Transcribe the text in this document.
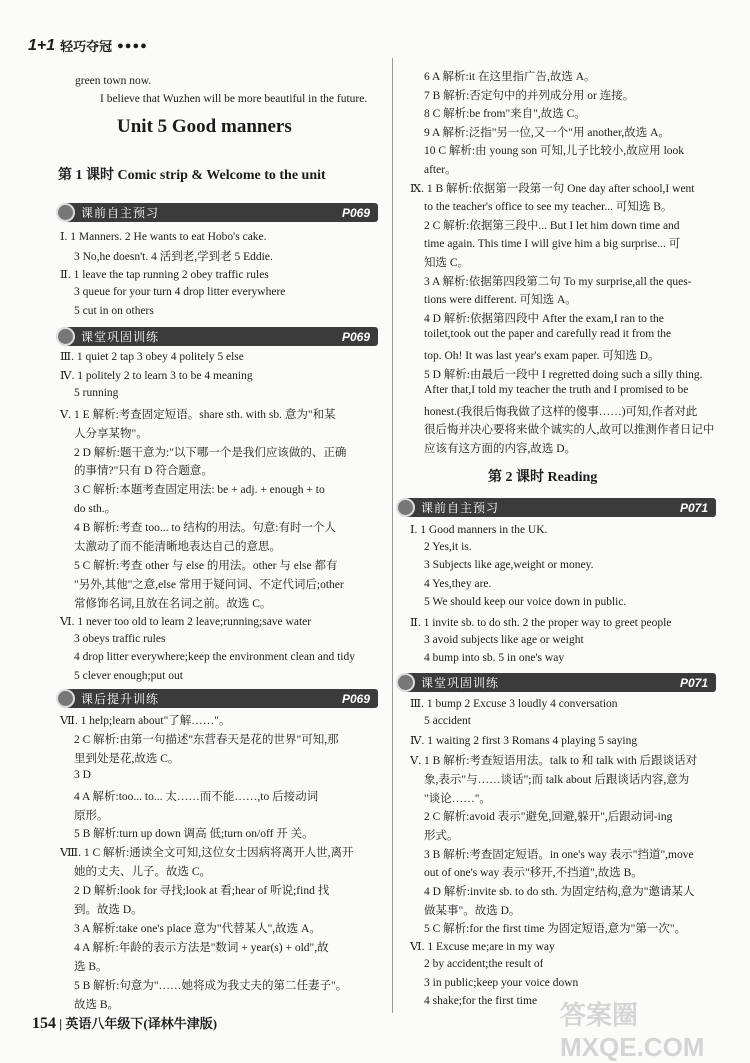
1+1 轻巧夺冠 ●●●●
green town now.
I believe that Wuzhen will be more beautiful in the future.
Unit 5 Good manners
第 1 课时 Comic strip & Welcome to the unit
课前自主预习	P069
课堂巩固训练	P069
课后提升训练	P069
第 2 课时 Reading
课前自主预习	P071
课堂巩固训练	P071
154 | 英语八年级下(译林牛津版)	答案圈 MXQE.COM
Ⅰ. 1 Manners. 2 He wants to eat Hobo's cake.
3 No,he doesn't. 4 活到老,学到老 5 Eddie.
Ⅱ. 1 leave the tap running 2 obey traffic rules
3 queue for your turn 4 drop litter everywhere
5 cut in on others
Ⅲ. 1 quiet 2 tap 3 obey 4 politely 5 else
Ⅳ. 1 politely 2 to learn 3 to be 4 meaning
5 running
Ⅴ. 1 E 解析:考查固定短语。share sth. with sb. 意为"和某
人分享某物"。
2 D 解析:题干意为:"以下哪一个是我们应该做的、正确
的事情?"只有 D 符合题意。
3 C 解析:本题考查固定用法: be + adj. + enough + to
do sth.。
4 B 解析:考查 too... to 结构的用法。句意:有时一个人
太激动了而不能清晰地表达自己的意思。
5 C 解析:考查 other 与 else 的用法。other 与 else 都有
"另外,其他"之意,else 常用于疑问词、不定代词后;other
常修饰名词,且放在名词之前。故选 C。
Ⅵ. 1 never too old to learn 2 leave;running;save water
3 obeys traffic rules
4 drop litter everywhere;keep the environment clean and tidy
5 clever enough;put out
Ⅶ. 1 help;learn about"了解……"。
2 C 解析:由第一句描述"东营春天是花的世界"可知,那
里到处是花,故选 C。
3 D
4 A 解析:too... to... 太……而不能……,to 后接动词
原形。
5 B 解析:turn up down 调高 低;turn on/off 开 关。
Ⅷ. 1 C 解析:通读全文可知,这位女士因病将离开人世,离开
她的丈夫、儿子。故选 C。
2 D 解析:look for 寻找;look at 看;hear of 听说;find 找
到。故选 D。
3 A 解析:take one's place 意为"代替某人",故选 A。
4 A 解析:年龄的表示方法是"数词 + year(s) + old",故
选 B。
5 B 解析:句意为"……她将成为我丈夫的第二任妻子"。
故选 B。
6 A 解析:it 在这里指广告,故选 A。
7 B 解析:否定句中的并列成分用 or 连接。
8 C 解析:be from"来自",故选 C。
9 A 解析:泛指"另一位,又一个"用 another,故选 A。
10 C 解析:由 young son 可知,儿子比较小,故应用 look
after。
Ⅸ. 1 B 解析:依据第一段第一句 One day after school,I went
to the teacher's office to see my teacher... 可知选 B。
2 C 解析:依据第三段中... But I let him down time and
time again. This time I will give him a big surprise... 可
知选 C。
3 A 解析:依据第四段第二句 To my surprise,all the ques-
tions were different. 可知选 A。
4 D 解析:依据第四段中 After the exam,I ran to the
toilet,took out the paper and carefully read it from the
top. Oh! It was last year's exam paper. 可知选 D。
5 D 解析:由最后一段中 I regretted doing such a silly thing.
After that,I told my teacher the truth and I promised to be
honest.(我很后悔我做了这样的傻事……)可知,作者对此
很后悔并决心要将来做个诚实的人,故可以推测作者日记中
应该有这方面的内容,故选 D。
Ⅰ. 1 Good manners in the UK.
2 Yes,it is.
3 Subjects like age,weight or money.
4 Yes,they are.
5 We should keep our voice down in public.
Ⅱ. 1 invite sb. to do sth. 2 the proper way to greet people
3 avoid subjects like age or weight
4 bump into sb. 5 in one's way
Ⅲ. 1 bump 2 Excuse 3 loudly 4 conversation
5 accident
Ⅳ. 1 waiting 2 first 3 Romans 4 playing 5 saying
Ⅴ. 1 B 解析:考查短语用法。talk to 和 talk with 后跟谈话对
象,表示"与……谈话";而 talk about 后跟谈话内容,意为
"谈论……"。
2 C 解析:avoid 表示"避免,回避,躲开",后跟动词-ing
形式。
3 B 解析:考查固定短语。in one's way 表示"挡道",move
out of one's way 表示"移开,不挡道",故选 B。
4 D 解析:invite sb. to do sth. 为固定结构,意为"邀请某人
做某事"。故选 D。
5 C 解析:for the first time 为固定短语,意为"第一次"。
Ⅵ. 1 Excuse me;are in my way
2 by accident;the result of
3 in public;keep your voice down
4 shake;for the first time
